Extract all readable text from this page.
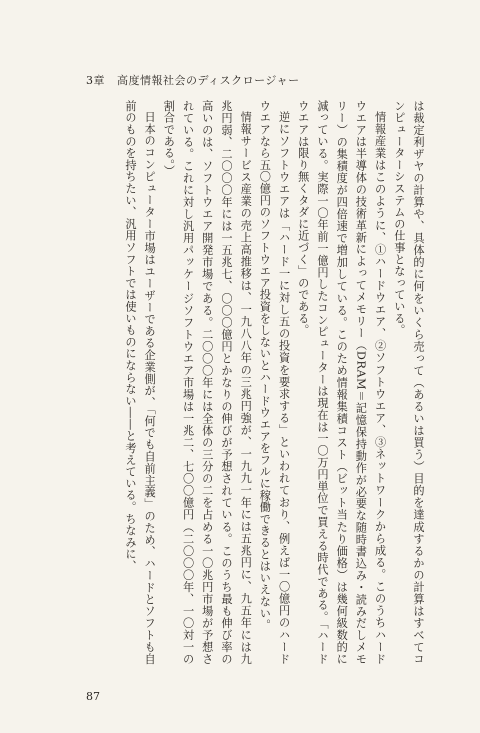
3章 高度情報社会のディスクロージャー

は裁定利ザヤの計算や、具体的に何をいくら売って（あるいは買う）目的を達成するかの計算はすべてコンピューターシステムの仕事となっている。

情報産業はこのように、①ハードウエア、②ソフトウエア、③ネットワークから成る。このうちハードウエアは半導体の技術革新によってメモリー（DRAM＝記憶保持動作が必要な随時書込み・読みだしメモリー）の集積度が四倍速で増加している。このため情報集積コスト（ビット当たり価格）は幾何級数的に減っている。実際一〇年前一億円したコンピューターは現在は一〇万円単位で買える時代である。「ハードウエアは限り無くタダに近づく」のである。

逆にソフトウエアは「ハード一に対し五の投資を要求する」といわれており、例えば一〇億円のハードウエアなら五〇億円のソフトウエア投資をしないとハードウエアをフルに稼働できるとはいえない。

情報サービス産業の売上高推移は、一九八八年の三兆円強が、一九九一年には五兆円に、九五年には九兆円弱、二〇〇〇年には一五兆七、〇〇〇億円とかなりの伸びが予想されている。このうち最も伸び率の高いのは、ソフトウエア開発市場である。二〇〇〇年には全体の三分の二を占める一〇兆円市場が予想されている。これに対し汎用パッケージソフトウエア市場は一兆二、七〇〇億円（二〇〇〇年、一〇対一の割合である。）

日本のコンピューター市場はユーザーである企業側が、「何でも自前主義」のため、ハードとソフトも自前のものを持ちたい、汎用ソフトでは使いものにならない――と考えている。ちなみに、

87
